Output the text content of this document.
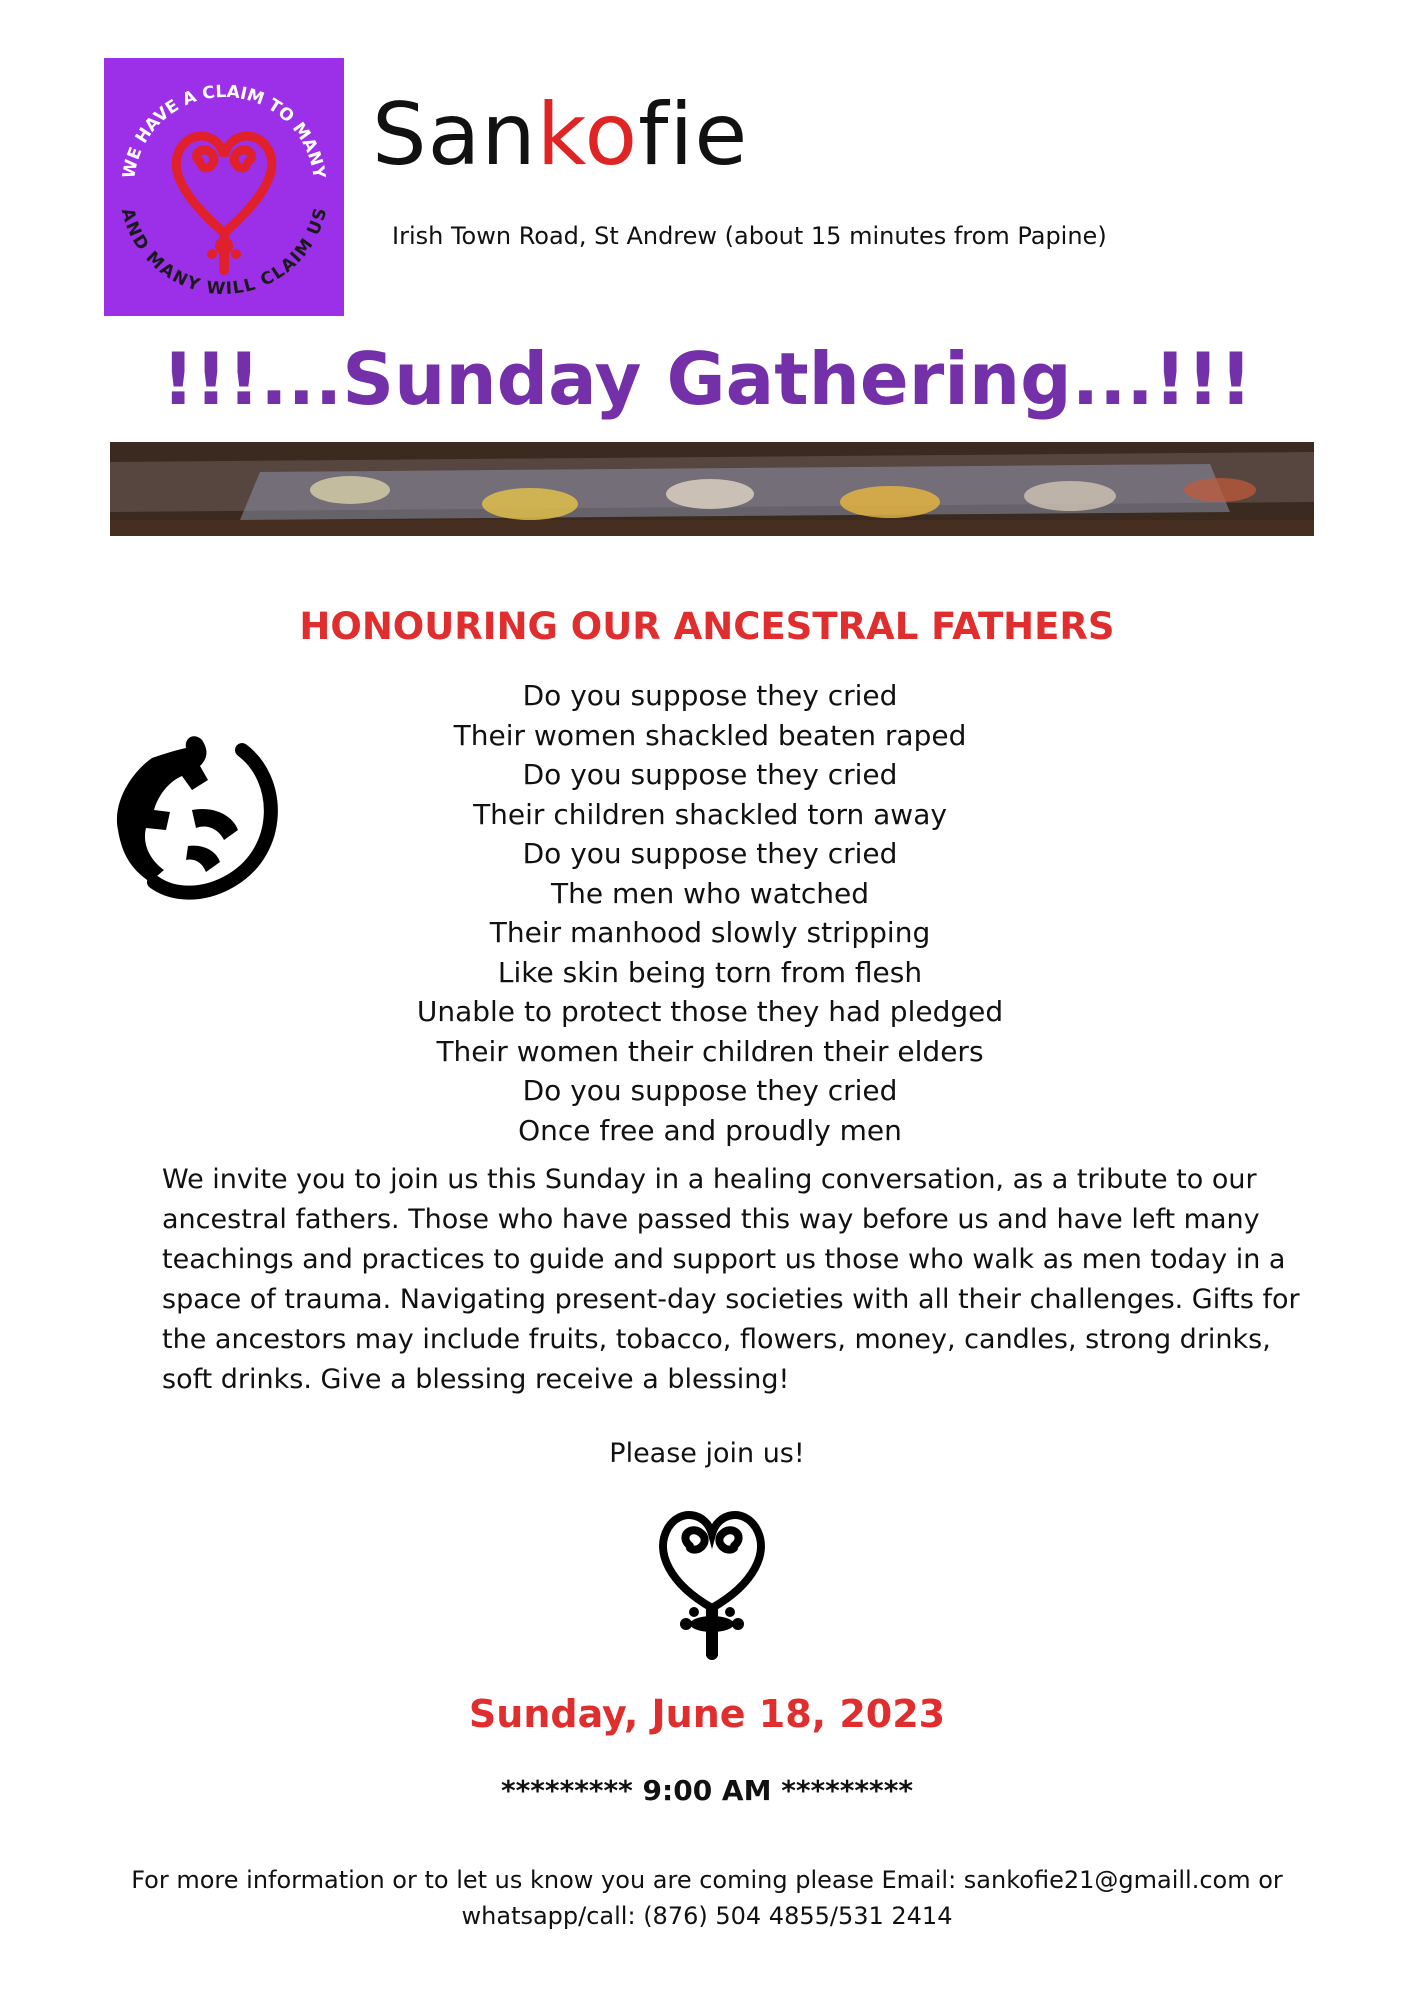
WE HAVE A CLAIM TO MANY
AND MANY WILL CLAIM US
Sankofie
Irish Town Road, St Andrew (about 15 minutes from Papine)
!!!...Sunday Gathering...!!!
HONOURING OUR ANCESTRAL FATHERS
Do you suppose they cried
Their women shackled beaten raped
Do you suppose they cried
Their children shackled torn away
Do you suppose they cried
The men who watched
Their manhood slowly stripping
Like skin being torn from flesh
Unable to protect those they had pledged
Their women their children their elders
Do you suppose they cried
Once free and proudly men
We invite you to join us this Sunday in a healing conversation, as a tribute to our ancestral fathers. Those who have passed this way before us and have left many teachings and practices to guide and support us those who walk as men today in a space of trauma. Navigating present-day societies with all their challenges. Gifts for the ancestors may include fruits, tobacco, flowers, money, candles, strong drinks, soft drinks. Give a blessing receive a blessing!
Please join us!
Sunday, June 18, 2023
********* 9:00 AM *********
For more information or to let us know you are coming please Email: sankofie21@gmaill.com or
whatsapp/call: (876) 504 4855/531 2414
